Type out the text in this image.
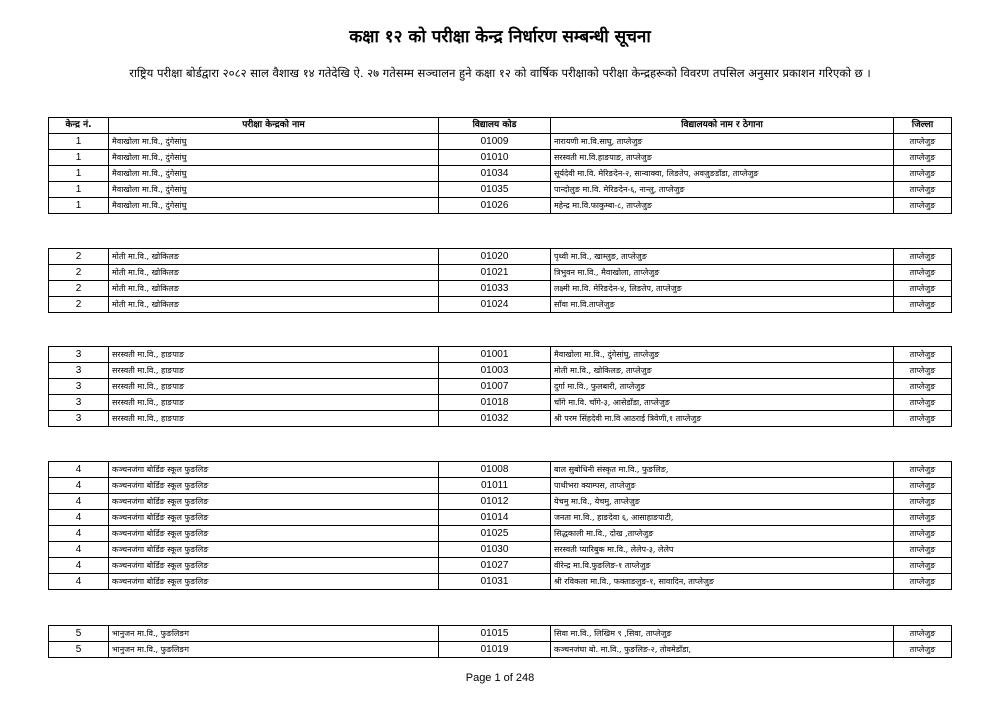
कक्षा १२ को परीक्षा केन्द्र निर्धारण सम्बन्धी सूचना
राष्ट्रिय परीक्षा बोर्डद्वारा २०८२ साल वैशाख १४ गतेदेखि ऐ. २७ गतेसम्म सञ्चालन हुने कक्षा १२ को वार्षिक परीक्षाको परीक्षा केन्द्रहरूको विवरण तपसिल अनुसार प्रकाशन गरिएको छ ।
केन्द्र नं.	परीक्षा केन्द्रको नाम	विद्यालय कोड	विद्यालयको नाम र ठेगाना	जिल्ला
1	मैवाखोला मा.वि., दुंगेसांघु	01009	नारायणी मा.वि.साघु, ताप्लेजुङ	ताप्लेजुङ
1	मैवाखोला मा.वि., दुंगेसांघु	01010	सरस्वती मा.वि.हाङपाङ, ताप्लेजुङ	ताप्लेजुङ
1	मैवाखोला मा.वि., दुंगेसांघु	01034	सूर्यदेवी मा.वि. मेरिङदेन-२, सान्वाक्वा, लिङतेप, अवजुङडाँडा, ताप्लेजुङ	ताप्लेजुङ
1	मैवाखोला मा.वि., दुंगेसांघु	01035	पान्दोलुङ मा.वि. मेरिङदेन-६, नान्लु, ताप्लेजुङ	ताप्लेजुङ
1	मैवाखोला मा.वि., दुंगेसांघु	01026	महेन्द्र मा.वि.फाकुम्बा-८, ताप्लेजुङ	ताप्लेजुङ
2	मोती मा.वि., खोकिलङ	01020	पृथ्वी मा.वि., खाम्लुङ, ताप्लेजुङ	ताप्लेजुङ
2	मोती मा.वि., खोकिलङ	01021	त्रिभुवन मा.वि., मैवाखोला, ताप्लेजुङ	ताप्लेजुङ
2	मोती मा.वि., खोकिलङ	01033	लक्ष्मी मा.वि. मेरिङदेन-४, लिङतेप, ताप्लेजुङ	ताप्लेजुङ
2	मोती मा.वि., खोकिलङ	01024	साँवा मा.वि.ताप्लेजुङ	ताप्लेजुङ
3	सरस्वती मा.वि., हाङपाङ	01001	मैवाखोला मा.वि., दुंगेसांघु, ताप्लेजुङ	ताप्लेजुङ
3	सरस्वती मा.वि., हाङपाङ	01003	मोती मा.वि., खोकिलङ, ताप्लेजुङ	ताप्लेजुङ
3	सरस्वती मा.वि., हाङपाङ	01007	दुर्गा मा.वि., फुलबारी, ताप्लेजुङ	ताप्लेजुङ
3	सरस्वती मा.वि., हाङपाङ	01018	चाँगे मा.वि. चाँगे-३, आसेडाँडा, ताप्लेजुङ	ताप्लेजुङ
3	सरस्वती मा.वि., हाङपाङ	01032	श्री परम सिंहदेवी मा.वि आठराई त्रिवेणी,१ ताप्लेजुङ	ताप्लेजुङ
4	कञ्चनजंगा बोर्डिङ स्कूल फुङलिङ	01008	बाल सुबोधिनी संस्कृत मा.वि., फुङलिङ,	ताप्लेजुङ
4	कञ्चनजंगा बोर्डिङ स्कूल फुङलिङ	01011	पाथीभरा क्याम्पस, ताप्लेजुङ	ताप्लेजुङ
4	कञ्चनजंगा बोर्डिङ स्कूल फुङलिङ	01012	येचमु मा.वि., येचमु, ताप्लेजुङ	ताप्लेजुङ
4	कञ्चनजंगा बोर्डिङ स्कूल फुङलिङ	01014	जनता मा.वि., हाङदेवा ६, आसाहाङपाटी,	ताप्लेजुङ
4	कञ्चनजंगा बोर्डिङ स्कूल फुङलिङ	01025	सिद्धकाली मा.वि., दोख ,ताप्लेजुङ	ताप्लेजुङ
4	कञ्चनजंगा बोर्डिङ स्कूल फुङलिङ	01030	सरस्वती प्यारिबुक मा.वि., लेलेप-३, लेलेप	ताप्लेजुङ
4	कञ्चनजंगा बोर्डिङ स्कूल फुङलिङ	01027	वीरेन्द्र मा.वि.फुङलिङ-१ ताप्लेजुङ	ताप्लेजुङ
4	कञ्चनजंगा बोर्डिङ स्कूल फुङलिङ	01031	श्री रविकला मा.वि., फक्ताङलुङ-१, सावादिन, ताप्लेजुङ	ताप्लेजुङ
5	भानुजन मा.वि., फुङलिङग	01015	सिवा मा.वि., लिखिम ९ ,सिवा, ताप्लेजुङ	ताप्लेजुङ
5	भानुजन मा.वि., फुङलिङग	01019	कञ्चनजंघा बो. मा.वि., फुङलिङ-२, तोवमेडाँडा,	ताप्लेजुङ
Page 1 of 248
